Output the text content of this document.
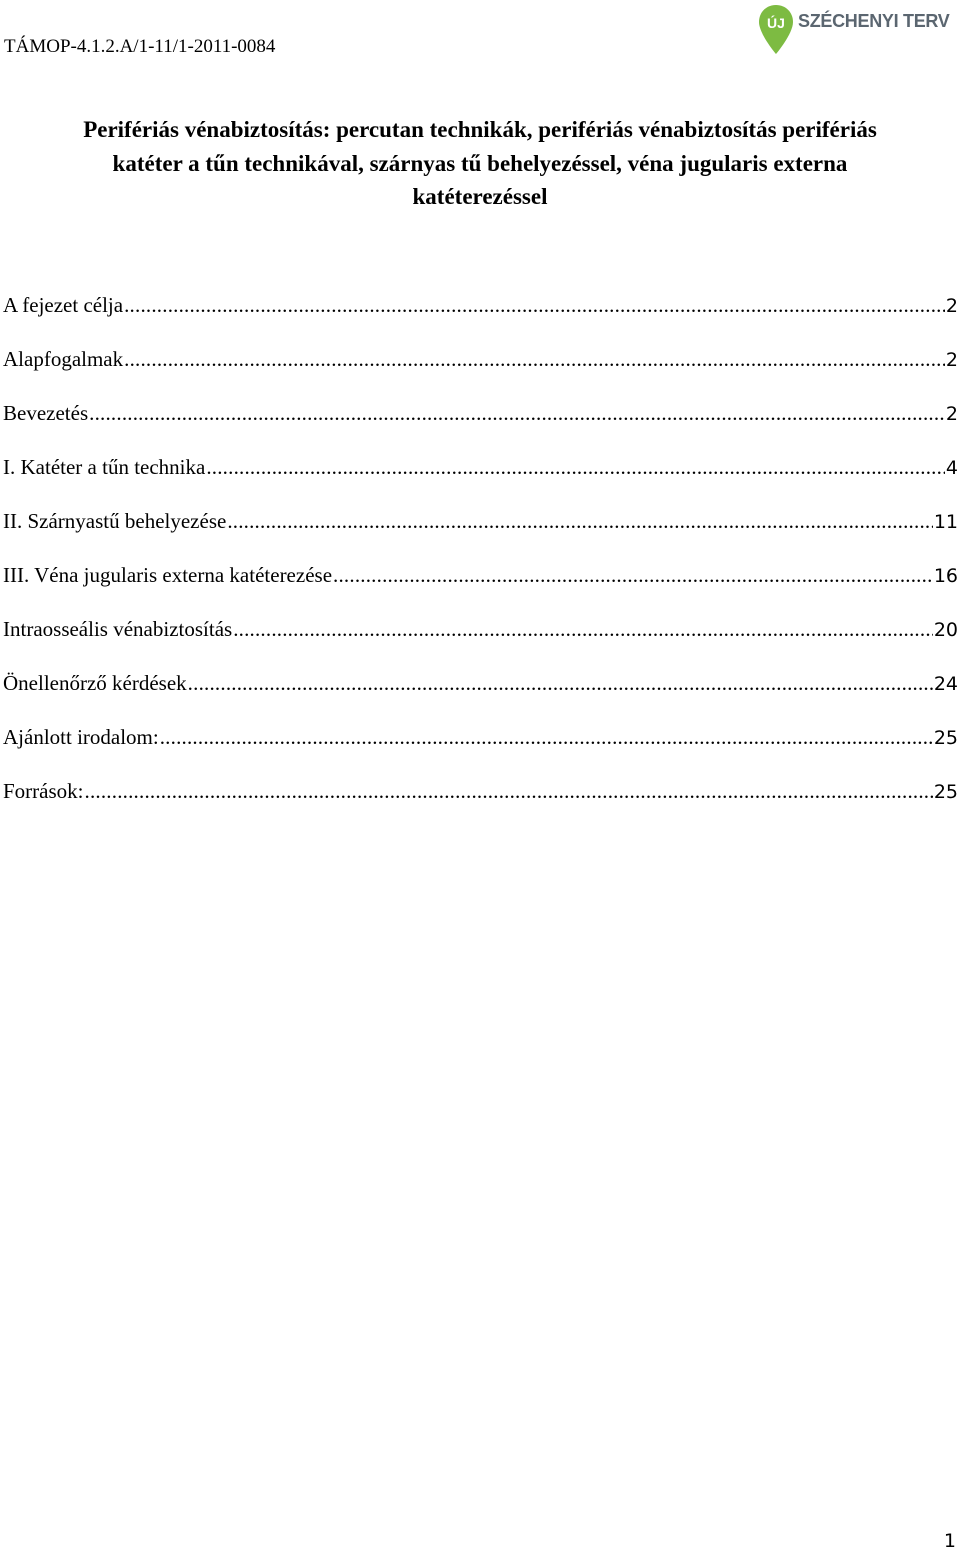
TÁMOP-4.1.2.A/1-11/1-2011-0084
ÚJ SZÉCHENYI TERV
Perifériás vénabiztosítás: percutan technikák, perifériás vénabiztosítás perifériás
katéter a tűn technikával, szárnyas tű behelyezéssel, véna jugularis externa
katéterezéssel
A fejezet célja .....	2
Alapfogalmak .....	2
Bevezetés .....	2
I. Katéter a tűn technika .....	4
II. Szárnyastű behelyezése .....	11
III. Véna jugularis externa katéterezése .....	16
Intraosseális vénabiztosítás .....	20
Önellenőrző kérdések .....	24
Ajánlott irodalom: .....	25
Források: .....	25
1
